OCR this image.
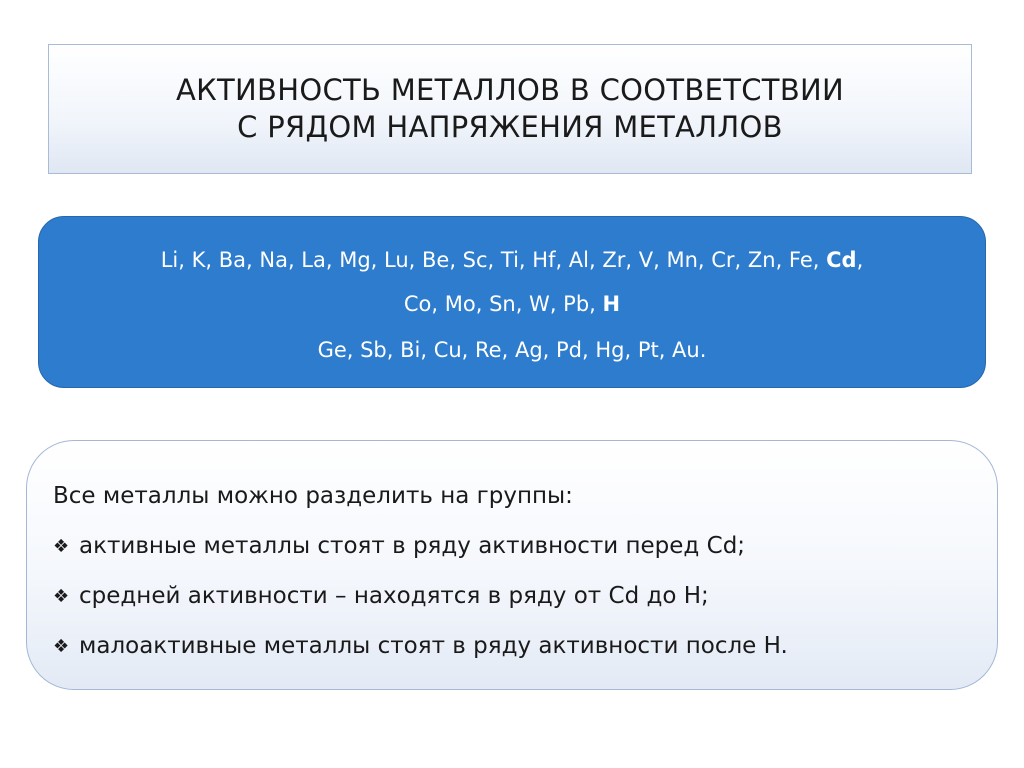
АКТИВНОСТЬ МЕТАЛЛОВ В СООТВЕТСТВИИ
С РЯДОМ НАПРЯЖЕНИЯ МЕТАЛЛОВ
Li, K, Ba, Na, La, Mg, Lu, Be, Sc, Ti, Hf, Al, Zr, V, Mn, Cr, Zn, Fe, Cd,
Co, Mo, Sn, W, Pb, H
Ge, Sb, Bi, Cu, Re, Ag, Pd, Hg, Pt, Au.
Все металлы можно разделить на группы:
❖ активные металлы стоят в ряду активности перед Cd;
❖ средней активности – находятся в ряду от Cd до H;
❖ малоактивные металлы стоят в ряду активности после H.
